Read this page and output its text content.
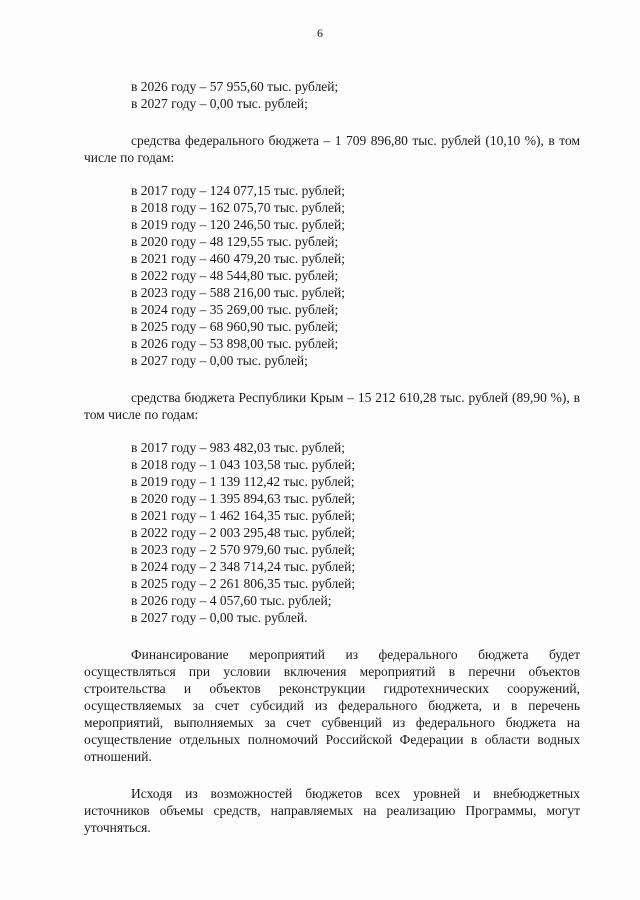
6
в 2026 году – 57 955,60 тыс. рублей;
в 2027 году – 0,00 тыс. рублей;

средства федерального бюджета – 1 709 896,80 тыс. рублей (10,10 %), в том числе по годам:

в 2017 году – 124 077,15 тыс. рублей;
в 2018 году – 162 075,70 тыс. рублей;
в 2019 году – 120 246,50 тыс. рублей;
в 2020 году – 48 129,55 тыс. рублей;
в 2021 году – 460 479,20 тыс. рублей;
в 2022 году – 48 544,80 тыс. рублей;
в 2023 году – 588 216,00 тыс. рублей;
в 2024 году – 35 269,00 тыс. рублей;
в 2025 году – 68 960,90 тыс. рублей;
в 2026 году – 53 898,00 тыс. рублей;
в 2027 году – 0,00 тыс. рублей;

средства бюджета Республики Крым – 15 212 610,28 тыс. рублей (89,90 %), в том числе по годам:

в 2017 году – 983 482,03 тыс. рублей;
в 2018 году – 1 043 103,58 тыс. рублей;
в 2019 году – 1 139 112,42 тыс. рублей;
в 2020 году – 1 395 894,63 тыс. рублей;
в 2021 году – 1 462 164,35 тыс. рублей;
в 2022 году – 2 003 295,48 тыс. рублей;
в 2023 году – 2 570 979,60 тыс. рублей;
в 2024 году – 2 348 714,24 тыс. рублей;
в 2025 году – 2 261 806,35 тыс. рублей;
в 2026 году – 4 057,60 тыс. рублей;
в 2027 году – 0,00 тыс. рублей.

Финансирование мероприятий из федерального бюджета будет осуществляться при условии включения мероприятий в перечни объектов строительства и объектов реконструкции гидротехнических сооружений, осуществляемых за счет субсидий из федерального бюджета, и в перечень мероприятий, выполняемых за счет субвенций из федерального бюджета на осуществление отдельных полномочий Российской Федерации в области водных отношений.

Исходя из возможностей бюджетов всех уровней и внебюджетных источников объемы средств, направляемых на реализацию Программы, могут уточняться.
